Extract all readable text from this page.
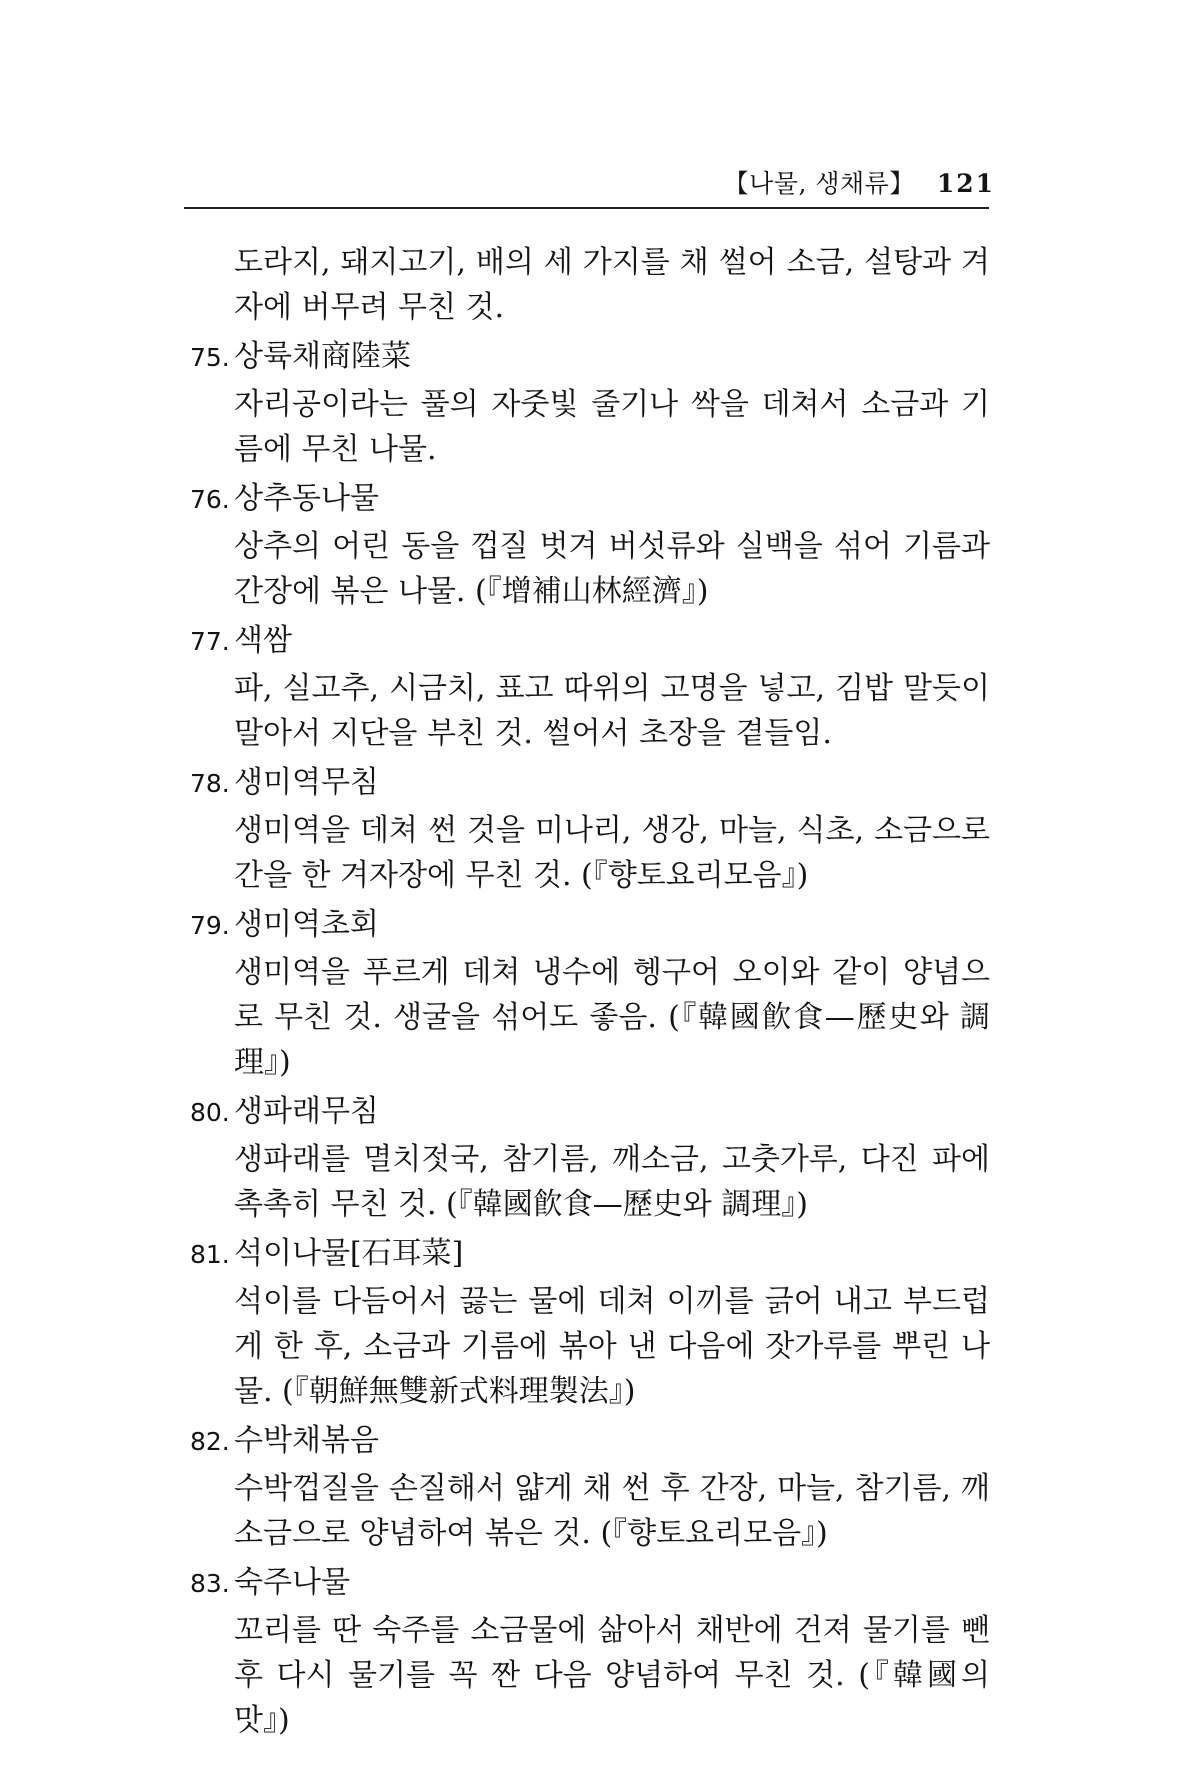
【나물, 생채류】 121

도라지, 돼지고기, 배의 세 가지를 채 썰어 소금, 설탕과 겨자에 버무려 무친 것.

75. 상륙채商陸菜

자리공이라는 풀의 자줏빛 줄기나 싹을 데쳐서 소금과 기름에 무친 나물.

76. 상추동나물

상추의 어린 동을 껍질 벗겨 버섯류와 실백을 섞어 기름과 간장에 볶은 나물. (『增補山林經濟』)

77. 색쌈

파, 실고추, 시금치, 표고 따위의 고명을 넣고, 김밥 말듯이 말아서 지단을 부친 것. 썰어서 초장을 곁들임.

78. 생미역무침

생미역을 데쳐 썬 것을 미나리, 생강, 마늘, 식초, 소금으로 간을 한 겨자장에 무친 것. (『향토요리모음』)

79. 생미역초회

생미역을 푸르게 데쳐 냉수에 헹구어 오이와 같이 양념으로 무친 것. 생굴을 섞어도 좋음. (『韓國飮食—歷史와 調理』)

80. 생파래무침

생파래를 멸치젓국, 참기름, 깨소금, 고춧가루, 다진 파에 촉촉히 무친 것. (『韓國飮食—歷史와 調理』)

81. 석이나물[石耳菜]

석이를 다듬어서 끓는 물에 데쳐 이끼를 긁어 내고 부드럽게 한 후, 소금과 기름에 볶아 낸 다음에 잣가루를 뿌린 나물. (『朝鮮無雙新式料理製法』)

82. 수박채볶음

수박껍질을 손질해서 얇게 채 썬 후 간장, 마늘, 참기름, 깨소금으로 양념하여 볶은 것. (『향토요리모음』)

83. 숙주나물

꼬리를 딴 숙주를 소금물에 삶아서 채반에 건져 물기를 뺀 후 다시 물기를 꼭 짠 다음 양념하여 무친 것. (『韓國의 맛』)
